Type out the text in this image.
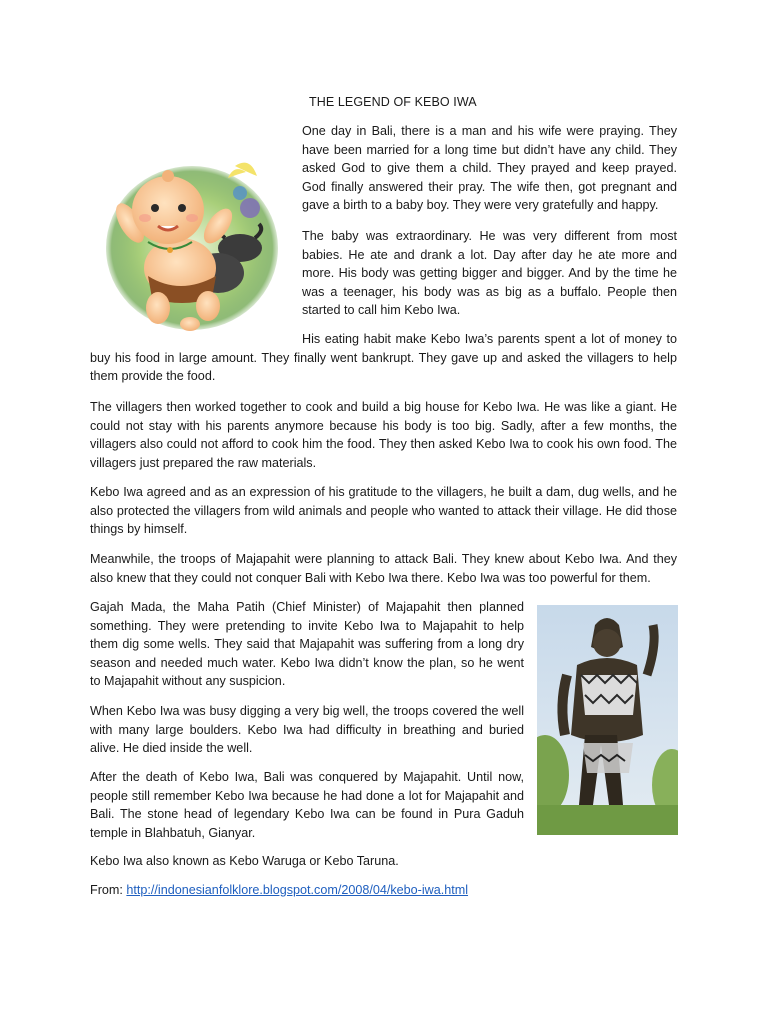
THE LEGEND OF KEBO IWA

One day in Bali, there is a man and his wife were praying. They have been married for a long time but didn’t have any child. They asked God to give them a child. They prayed and keep prayed. God finally answered their pray. The wife then, got pregnant and gave a birth to a baby boy. They were very gratefully and happy.

The baby was extraordinary. He was very different from most babies. He ate and drank a lot. Day after day he ate more and more. His body was getting bigger and bigger. And by the time he was a teenager, his body was as big as a buffalo. People then started to call him Kebo Iwa.

His eating habit make Kebo Iwa’s parents spent a lot of money to buy his food in large amount. They finally went bankrupt. They gave up and asked the villagers to help them provide the food.

The villagers then worked together to cook and build a big house for Kebo Iwa. He was like a giant. He could not stay with his parents anymore because his body is too big. Sadly, after a few months, the villagers also could not afford to cook him the food. They then asked Kebo Iwa to cook his own food. The villagers just prepared the raw materials.

Kebo Iwa agreed and as an expression of his gratitude to the villagers, he built a dam, dug wells, and he also protected the villagers from wild animals and people who wanted to attack their village. He did those things by himself.

Meanwhile, the troops of Majapahit were planning to attack Bali. They knew about Kebo Iwa. And they also knew that they could not conquer Bali with Kebo Iwa there. Kebo Iwa was too powerful for them.

Gajah Mada, the Maha Patih (Chief Minister) of Majapahit then planned something. They were pretending to invite Kebo Iwa to Majapahit to help them dig some wells. They said that Majapahit was suffering from a long dry season and needed much water. Kebo Iwa didn’t know the plan, so he went to Majapahit without any suspicion.

When Kebo Iwa was busy digging a very big well, the troops covered the well with many large boulders. Kebo Iwa had difficulty in breathing and buried alive. He died inside the well.

After the death of Kebo Iwa, Bali was conquered by Majapahit. Until now, people still remember Kebo Iwa because he had done a lot for Majapahit and Bali. The stone head of legendary Kebo Iwa can be found in Pura Gaduh temple in Blahbatuh, Gianyar.

Kebo Iwa also known as Kebo Waruga or Kebo Taruna.

From: http://indonesianfolklore.blogspot.com/2008/04/kebo-iwa.html
